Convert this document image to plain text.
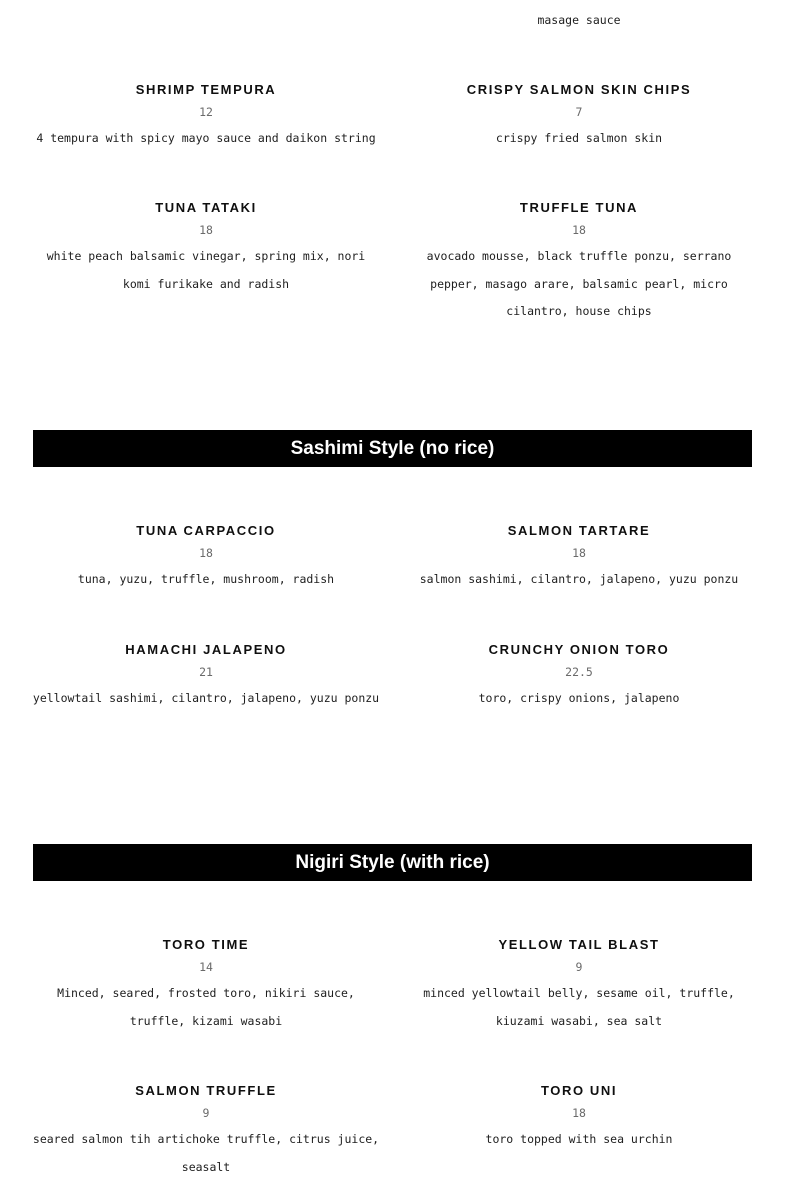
masage sauce
SHRIMP TEMPURA
12
4 tempura with spicy mayo sauce and daikon string
CRISPY SALMON SKIN CHIPS
7
crispy fried salmon skin
TUNA TATAKI
18
white peach balsamic vinegar, spring mix, nori komi furikake and radish
TRUFFLE TUNA
18
avocado mousse, black truffle ponzu, serrano pepper, masago arare, balsamic pearl, micro cilantro, house chips
Sashimi Style (no rice)
TUNA CARPACCIO
18
tuna, yuzu, truffle, mushroom, radish
SALMON TARTARE
18
salmon sashimi, cilantro, jalapeno, yuzu ponzu
HAMACHI JALAPENO
21
yellowtail sashimi, cilantro, jalapeno, yuzu ponzu
CRUNCHY ONION TORO
22.5
toro, crispy onions, jalapeno
Nigiri Style (with rice)
TORO TIME
14
Minced, seared, frosted toro, nikiri sauce, truffle, kizami wasabi
YELLOW TAIL BLAST
9
minced yellowtail belly, sesame oil, truffle, kiuzami wasabi, sea salt
SALMON TRUFFLE
9
seared salmon tih artichoke truffle, citrus juice, seasalt
TORO UNI
18
toro topped with sea urchin
